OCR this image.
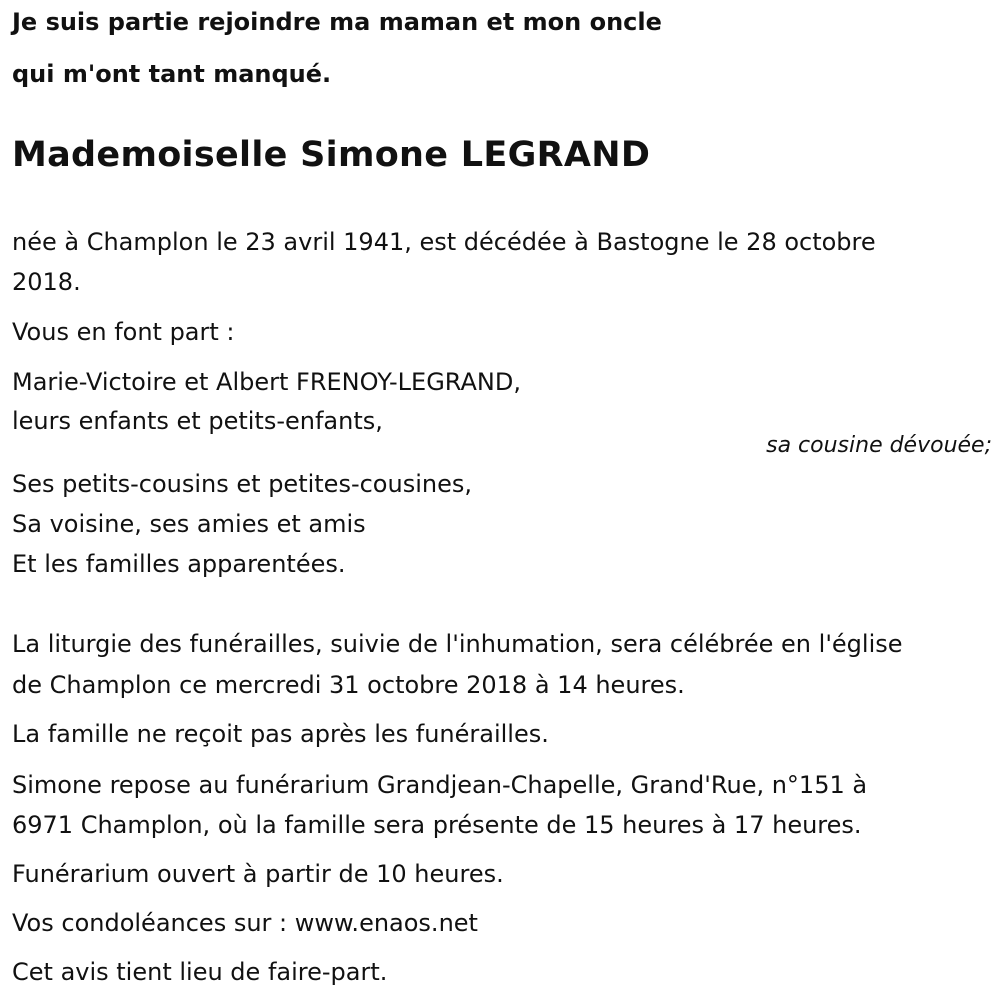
Je suis partie rejoindre ma maman et mon oncle
qui m'ont tant manqué.
Mademoiselle Simone LEGRAND
née à Champlon le 23 avril 1941, est décédée à Bastogne le 28 octobre
2018.
Vous en font part :
Marie-Victoire et Albert FRENOY-LEGRAND,
leurs enfants et petits-enfants,
sa cousine dévouée;
Ses petits-cousins et petites-cousines,
Sa voisine, ses amies et amis
Et les familles apparentées.
La liturgie des funérailles, suivie de l'inhumation, sera célébrée en l'église
de Champlon ce mercredi 31 octobre 2018 à 14 heures.
La famille ne reçoit pas après les funérailles.
Simone repose au funérarium Grandjean-Chapelle, Grand'Rue, n°151 à
6971 Champlon, où la famille sera présente de 15 heures à 17 heures.
Funérarium ouvert à partir de 10 heures.
Vos condoléances sur : www.enaos.net
Cet avis tient lieu de faire-part.
